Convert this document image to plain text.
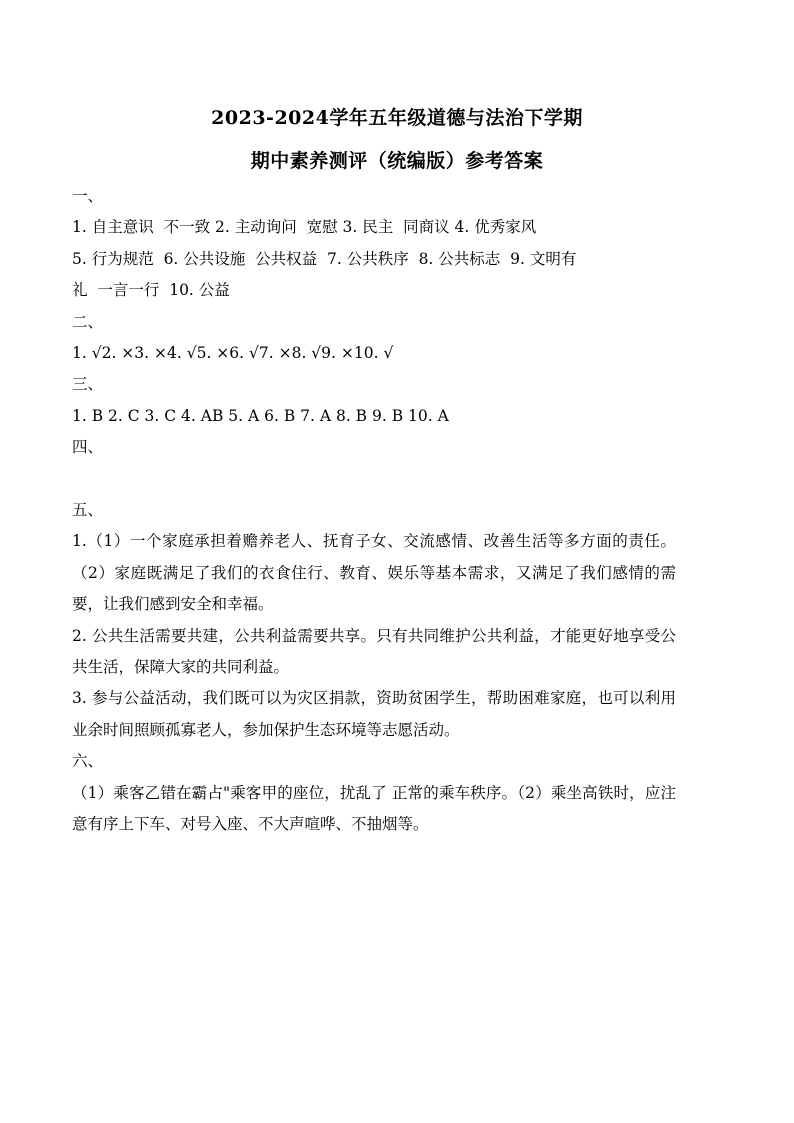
2023-2024学年五年级道德与法治下学期
期中素养测评（统编版）参考答案
一、
1. 自主意识  不一致 2. 主动询问  宽慰 3. 民主  同商议 4. 优秀家风
5. 行为规范  6. 公共设施  公共权益  7. 公共秩序  8. 公共标志  9. 文明有
礼  一言一行  10. 公益
二、
1. √2. ×3. ×4. √5. ×6. √7. ×8. √9. ×10. √
三、
1. B 2. C 3. C 4. AB 5. A 6. B 7. A 8. B 9. B 10. A
四、
五、
1.（1）一个家庭承担着赡养老人、抚育子女、交流感情、改善生活等多方面的责任。（2）家庭既满足了我们的衣食住行、教育、娱乐等基本需求，又满足了我们感情的需要，让我们感到安全和幸福。
2. 公共生活需要共建，公共利益需要共享。只有共同维护公共利益，才能更好地享受公共生活，保障大家的共同利益。
3. 参与公益活动，我们既可以为灾区捐款，资助贫困学生，帮助困难家庭，也可以利用业余时间照顾孤寡老人，参加保护生态环境等志愿活动。
六、
（1）乘客乙错在霸占"乘客甲的座位，扰乱了 正常的乘车秩序。（2）乘坐高铁时，应注意有序上下车、对号入座、不大声喧哗、不抽烟等。
